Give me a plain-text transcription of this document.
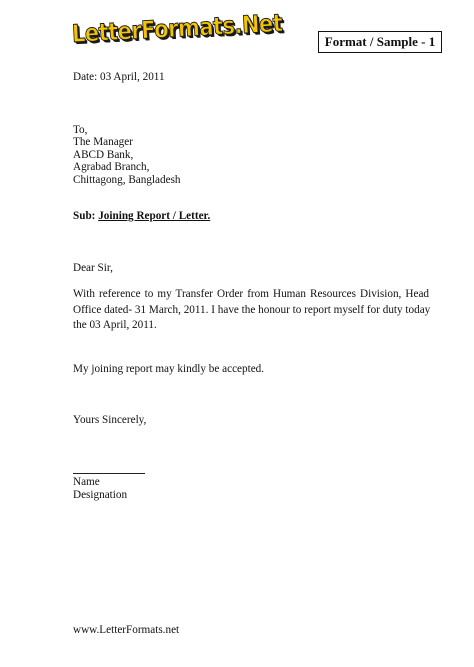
LetterFormats.Net	Format / Sample - 1
Date: 03 April, 2011
To,
The Manager
ABCD Bank,
Agrabad Branch,
Chittagong, Bangladesh
Sub: Joining Report / Letter.
Dear Sir,
With reference to my Transfer Order from Human Resources Division, Head
Office dated- 31 March, 2011. I have the honour to report myself for duty today
the 03 April, 2011.
My joining report may kindly be accepted.
Yours Sincerely,
Name
Designation
www.LetterFormats.net
